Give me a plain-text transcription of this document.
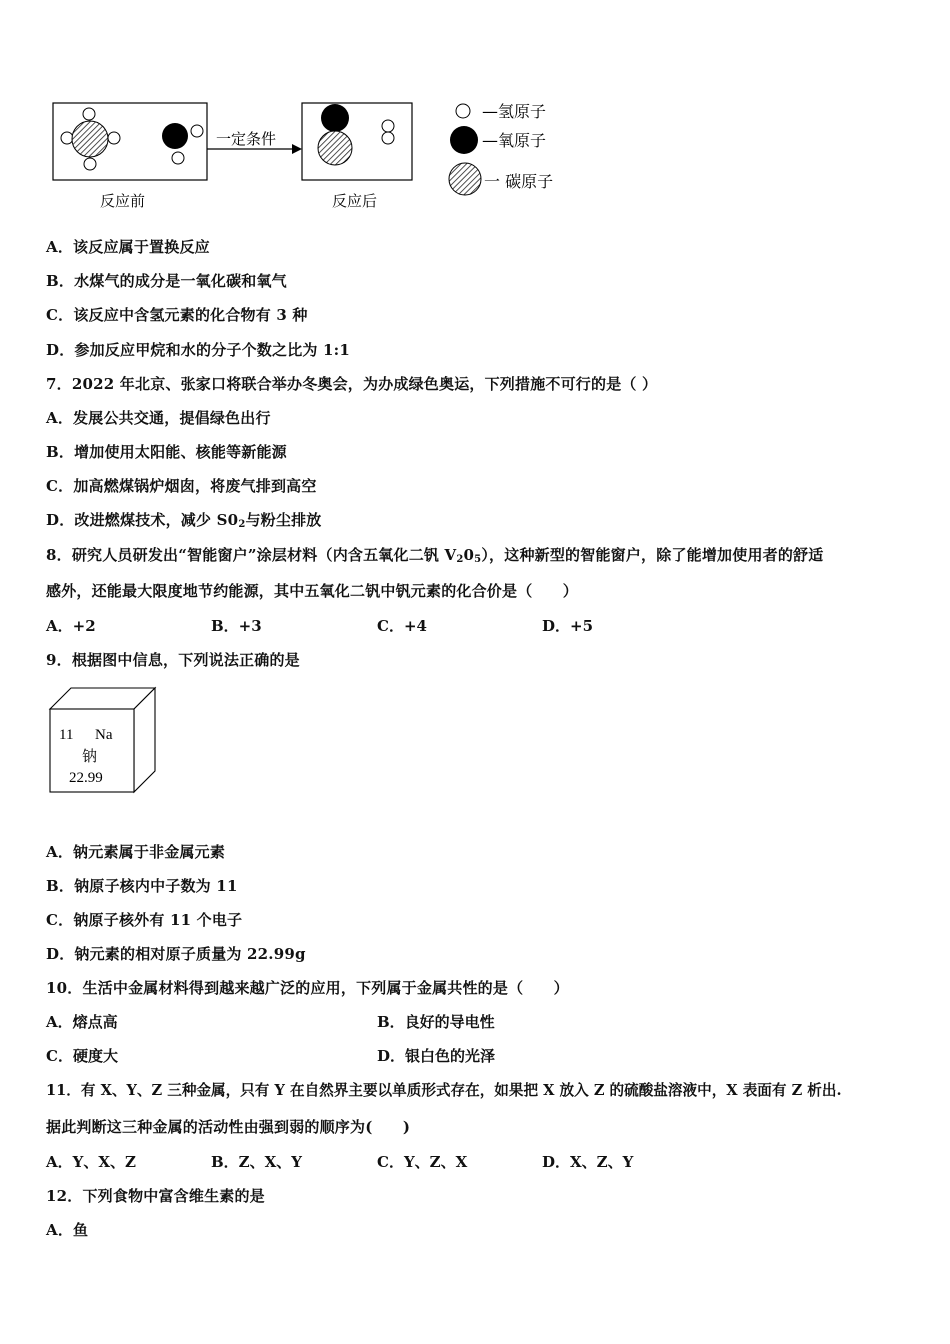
一定条件
反应前	反应后
—氢原子
—氧原子
一 碳原子
A．该反应属于置换反应
B．水煤气的成分是一氧化碳和氧气
C．该反应中含氢元素的化合物有 3 种
D．参加反应甲烷和水的分子个数之比为 1:1
7．2022 年北京、张家口将联合举办冬奥会，为办成绿色奥运，下列措施不可行的是（ ）
A．发展公共交通，提倡绿色出行
B．增加使用太阳能、核能等新能源
C．加高燃煤锅炉烟囱，将废气排到高空
D．改进燃煤技术，减少 S02与粉尘排放
8．研究人员研发出“智能窗户”涂层材料（内含五氧化二钒 V205），这种新型的智能窗户，除了能增加使用者的舒适
感外，还能最大限度地节约能源，其中五氧化二钒中钒元素的化合价是（　　）
A．+2	B．+3	C．+4	D．+5
9．根据图中信息，下列说法正确的是
11 Na
钠
22.99
A．钠元素属于非金属元素
B．钠原子核内中子数为 11
C．钠原子核外有 11 个电子
D．钠元素的相对原子质量为 22.99g
10．生活中金属材料得到越来越广泛的应用，下列属于金属共性的是（　　）
A．熔点高	B．良好的导电性
C．硬度大	D．银白色的光泽
11．有 X、Y、Z 三种金属，只有 Y 在自然界主要以单质形式存在，如果把 X 放入 Z 的硫酸盐溶液中，X 表面有 Z 析出.
据此判断这三种金属的活动性由强到弱的顺序为(　　)
A．Y、X、Z	B．Z、X、Y	C．Y、Z、X	D．X、Z、Y
12．下列食物中富含维生素的是
A．鱼
